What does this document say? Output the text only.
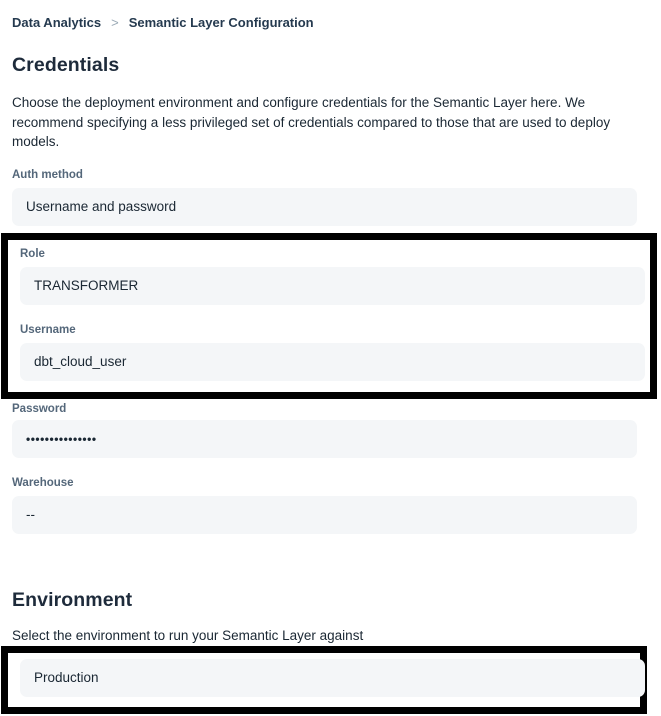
Data Analytics > Semantic Layer Configuration
Credentials

Choose the deployment environment and configure credentials for the Semantic Layer here. We recommend specifying a less privileged set of credentials compared to those that are used to deploy models.

Auth method
Username and password
Role
TRANSFORMER
Username
dbt_cloud_user
Password
•••••••••••••••
Warehouse
--
Environment

Select the environment to run your Semantic Layer against

Production
